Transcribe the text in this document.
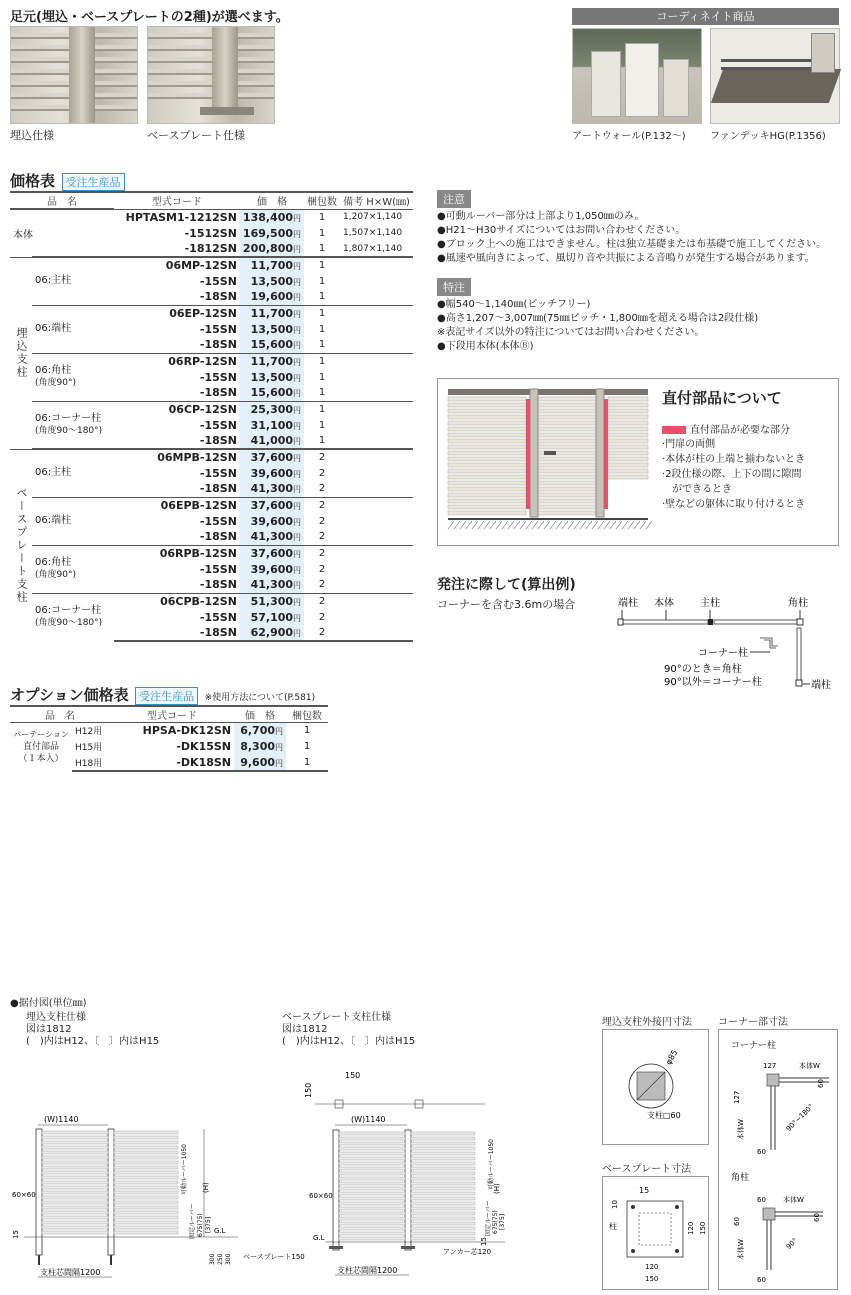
足元(埋込・ベースプレートの2種)が選べます。
埋込仕様	ベースプレート仕様
コーディネイト商品
アートウォール(P.132～) ファンデッキHG(P.1356)
価格表 受注生産品
品　名		型式コード	価　格	梱包数	備考 H×W(㎜)
本体		HPTASM1-1212SN	138,400円	1	1,207×1,140
		-1512SN	169,500円	1	1,507×1,140
		-1812SN	200,800円	1	1,807×1,140
埋込支柱	06:主柱	06MP-12SN	11,700円	1	
		-15SN	13,500円	1	
		-18SN	19,600円	1	

	06:端柱	06EP-12SN	11,700円	1	
		-15SN	13,500円	1	
		-18SN	15,600円	1	

	06:角柱
(角度90°)	06RP-12SN	11,700円	1	
		-15SN	13,500円	1	
		-18SN	15,600円	1	

	06:コーナー柱
(角度90～180°)	06CP-12SN	25,300円	1	
		-15SN	31,100円	1	
		-18SN	41,000円	1	
ベースプレート支柱	06:主柱	06MPB-12SN	37,600円	2	
		-15SN	39,600円	2	
		-18SN	41,300円	2	

	06:端柱	06EPB-12SN	37,600円	2	
		-15SN	39,600円	2	
		-18SN	41,300円	2	

	06:角柱
(角度90°)	06RPB-12SN	37,600円	2	
		-15SN	39,600円	2	
		-18SN	41,300円	2	

	06:コーナー柱
(角度90～180°)	06CPB-12SN	51,300円	2	
		-15SN	57,100円	2	
		-18SN	62,900円	2	
オプション価格表 受注生産品 ※使用方法について(P.581)
品　名		型式コード	価　格	梱包数

パーテーション
直付部品
（１本入）	H12用	HPSA-DK12SN	6,700円	1
	H15用	-DK15SN	8,300円	1
	H18用	-DK18SN	9,600円	1
注意

●可動ルーバー部分は上部より1,050㎜のみ。

●H21～H30サイズについてはお問い合わせください。

●ブロック上への施工はできません。柱は独立基礎または布基礎で施工してください。

●風速や風向きによって、風切り音や共振による音鳴りが発生する場合があります。

特注

●幅540～1,140㎜(ピッチフリー)

●高さ1,207～3,007㎜(75㎜ピッチ・1,800㎜を超える場合は2段仕様)

※表記サイズ以外の特注についてはお問い合わせください。

●下段用本体(本体Ⓑ)

直付部品について
直付部品が必要な部分
·門扉の両側
·本体が柱の上端と揃わないとき
·2段仕様の際、上下の間に隙間
　ができるとき
·壁などの躯体に取り付けるとき
発注に際して(算出例)
コーナーを含む3.6mの場合	端柱 本体	主柱	角柱
コーナー柱
90°のとき＝角柱
90°以外＝コーナー柱	端柱
●据付図(単位㎜)
埋込支柱仕様
図は1812
(　)内はH12、〔　〕内はH15
ベースプレート支柱仕様
図は1812
(　)内はH12、〔　〕内はH15
(W)1140
60×60
15	G.L
(H)
可動ルーバー1050
固定ルーバー 675(75) [375]
300 250 300
支柱芯間隔1200
150
150
(W)1140
60×60
G.L
ベースプレート150
アンカー芯120
15
(H)
可動ルーバー1050
固定ルーバー 675(75) [375]
支柱芯間隔1200
埋込支柱外接円寸法
φ85
支柱□60
ベースプレート寸法
15
10
柱	120 150
120
150
コーナー部寸法
コーナー柱
127	本体W
60
127
本体W	90°~180°
60
角柱
60 本体W
60
60
本体W	90°
60
